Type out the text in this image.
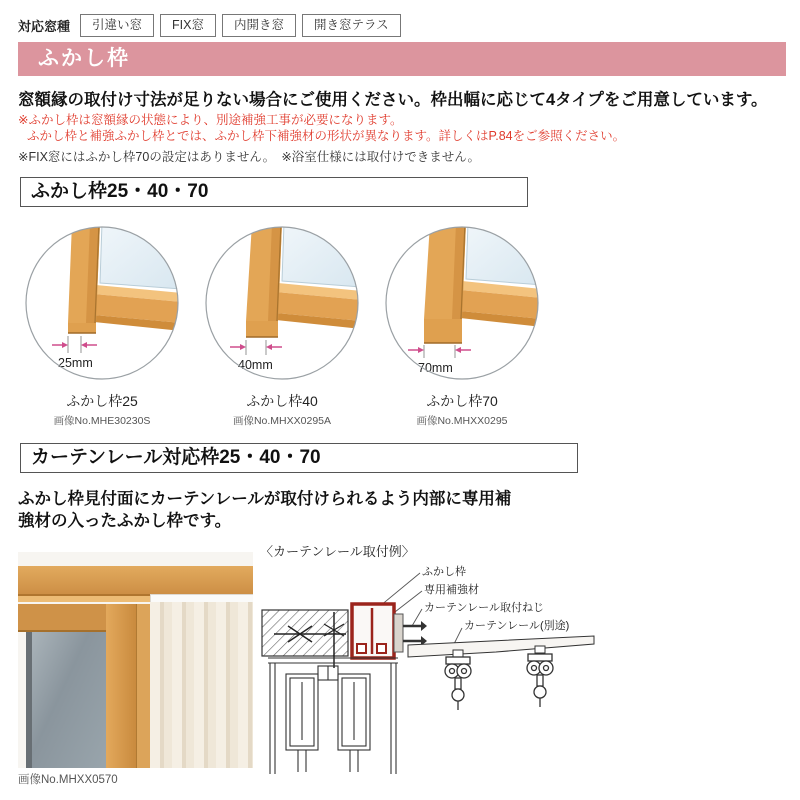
対応窓種	引違い窓	FIX窓	内開き窓	開き窓テラス
ふかし枠
窓額縁の取付け寸法が足りない場合にご使用ください。枠出幅に応じて4タイプをご用意しています。
※ふかし枠は窓額縁の状態により、別途補強工事が必要になります。
ふかし枠と補強ふかし枠とでは、ふかし枠下補強材の形状が異なります。詳しくはP.84をご参照ください。
※FIX窓にはふかし枠70の設定はありません。　※浴室仕様には取付けできません。
ふかし枠25・40・70
25mm
ふかし枠25
画像No.MHE30230S
40mm
ふかし枠40
画像No.MHXX0295A
70mm
ふかし枠70
画像No.MHXX0295
カーテンレール対応枠25・40・70
ふかし枠見付面にカーテンレールが取付けられるよう内部に専用補
強材の入ったふかし枠です。
画像No.MHXX0570
〈カーテンレール取付例〉
ふかし枠
専用補強材
カーテンレール取付ねじ
カーテンレール(別途)
